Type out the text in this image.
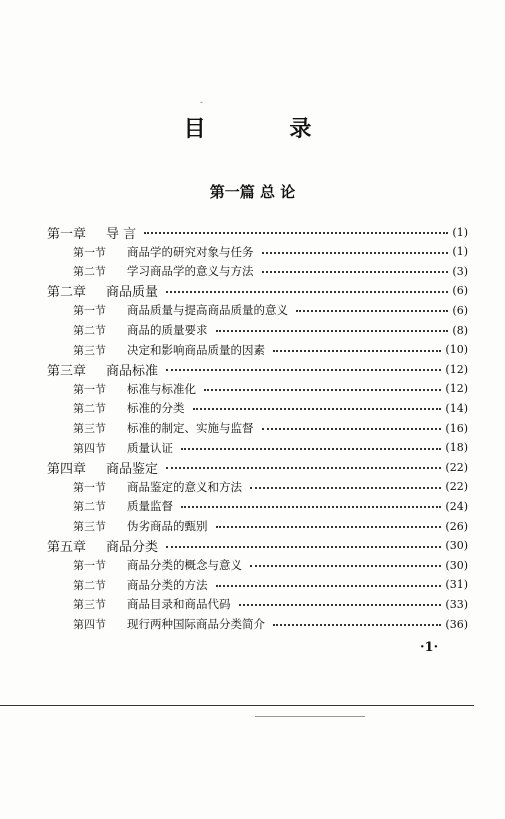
-
目 录
第一篇 总 论
第一章 导 言	(1)
第一节 商品学的研究对象与任务	(1)
第二节 学习商品学的意义与方法	(3)
第二章 商品质量	(6)
第一节 商品质量与提高商品质量的意义	(6)
第二节 商品的质量要求	(8)
第三节 决定和影响商品质量的因素	(10)
第三章 商品标准	(12)
第一节 标准与标准化	(12)
第二节 标准的分类	(14)
第三节 标准的制定、实施与监督	(16)
第四节 质量认证	(18)
第四章 商品鉴定	(22)
第一节 商品鉴定的意义和方法	(22)
第二节 质量监督	(24)
第三节 伪劣商品的甄别	(26)
第五章 商品分类	(30)
第一节 商品分类的概念与意义	(30)
第二节 商品分类的方法	(31)
第三节 商品目录和商品代码	(33)
第四节 现行两种国际商品分类简介	(36)
·1·
